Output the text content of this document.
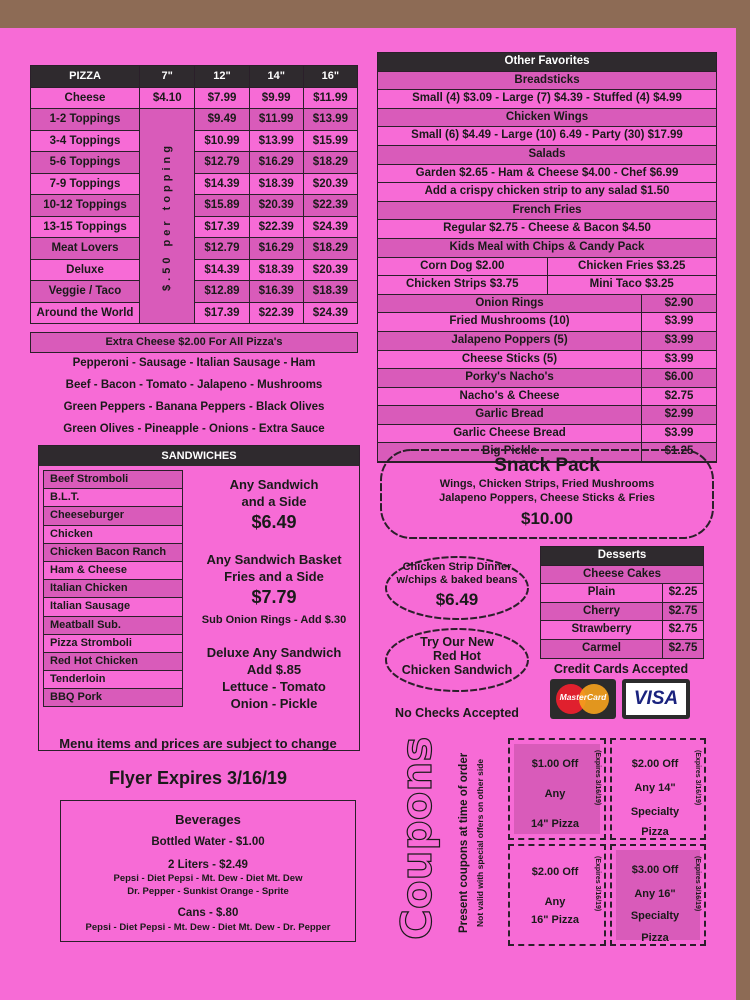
PIZZA	7"	12"	14"	16"
Cheese	$4.10	$7.99	$9.99	$11.99
1-2 Toppings	$.50 per topping	$9.49	$11.99	$13.99
3-4 Toppings		$10.99	$13.99	$15.99
5-6 Toppings		$12.79	$16.29	$18.29
7-9 Toppings		$14.39	$18.39	$20.39
10-12 Toppings		$15.89	$20.39	$22.39
13-15 Toppings		$17.39	$22.39	$24.39
Meat Lovers		$12.79	$16.29	$18.29
Deluxe		$14.39	$18.39	$20.39
Veggie / Taco		$12.89	$16.39	$18.39
Around the World		$17.39	$22.39	$24.39
Extra Cheese $2.00 For All Pizza's
Pepperoni - Sausage - Italian Sausage - Ham
Beef - Bacon - Tomato - Jalapeno - Mushrooms
Green Peppers - Banana Peppers - Black Olives
Green Olives - Pineapple - Onions - Extra Sauce
Other Favorites
Breadsticks
Small (4) $3.09 - Large (7) $4.39 - Stuffed (4) $4.99
Chicken Wings
Small (6) $4.49 - Large (10) 6.49 - Party (30) $17.99
Salads
Garden $2.65 - Ham & Cheese $4.00 - Chef $6.99
Add a crispy chicken strip to any salad $1.50
French Fries
Regular $2.75 - Cheese & Bacon $4.50
Kids Meal with Chips & Candy Pack
Corn Dog $2.00	Chicken Fries $3.25
Chicken Strips $3.75	Mini Taco $3.25
Onion Rings	$2.90
Fried Mushrooms (10)	$3.99
Jalapeno Poppers (5)	$3.99
Cheese Sticks (5)	$3.99
Porky's Nacho's	$6.00
Nacho's & Cheese	$2.75
Garlic Bread	$2.99
Garlic Cheese Bread	$3.99
Big Pickle	$1.25
SANDWICHES
Beef Stromboli
B.L.T.
Cheeseburger
Chicken
Chicken Bacon Ranch
Ham & Cheese
Italian Chicken
Italian Sausage
Meatball Sub.
Pizza Stromboli
Red Hot Chicken
Tenderloin
BBQ Pork
Any Sandwich
and a Side
$6.49
Any Sandwich Basket
Fries and a Side
$7.79
Sub Onion Rings - Add $.30
Deluxe Any Sandwich
Add $.85
Lettuce - Tomato
Onion - Pickle
Snack Pack
Wings, Chicken Strips, Fried Mushrooms
Jalapeno Poppers, Cheese Sticks & Fries
$10.00
Chicken Strip Dinner
w/chips & baked beans
$6.49
Try Our New
Red Hot
Chicken Sandwich
Desserts
Cheese Cakes
Plain	$2.25
Cherry	$2.75
Strawberry	$2.75
Carmel	$2.75
Credit Cards Accepted
MasterCard	VISA
No Checks Accepted
Menu items and prices are subject to change
Flyer Expires 3/16/19
Beverages
Bottled Water - $1.00
2 Liters - $2.49
Pepsi - Diet Pepsi - Mt. Dew - Diet Mt. Dew
Dr. Pepper - Sunkist Orange - Sprite
Cans - $.80
Pepsi - Diet Pepsi - Mt. Dew - Diet Mt. Dew - Dr. Pepper	Coupons Present coupons at time of order Not valid with special offers on other side	$1.00 Off
Any
14" Pizza
(Expires 3/16/19)	$2.00 Off
Any 14"
Specialty
Pizza
(Expires 3/16/19)
$2.00 Off
Any
16" Pizza
(Expires 3/16/19)	$3.00 Off
Any 16"
Specialty
Pizza
(Expires 3/16/19)
